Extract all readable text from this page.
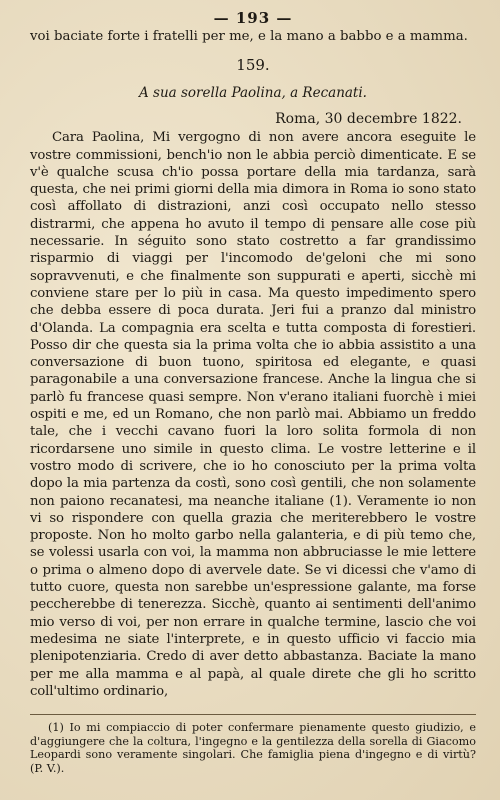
— 193 —

voi baciate forte i fratelli per me, e la mano a babbo e a mamma.

159.
A sua sorella Paolina, a Recanati.
Roma, 30 decembre 1822.

Cara Paolina, Mi vergogno di non avere ancora eseguite le vostre commissioni, bench'io non le abbia perciò dimenticate. E se v'è qualche scusa ch'io possa portare della mia tardanza, sarà questa, che nei primi giorni della mia dimora in Roma io sono stato così affollato di distrazioni, anzi così occupato nello stesso distrarmi, che appena ho avuto il tempo di pensare alle cose più necessarie. In séguito sono stato costretto a far grandissimo risparmio di viaggi per l'incomodo de'geloni che mi sono sopravvenuti, e che finalmente son suppurati e aperti, sicchè mi conviene stare per lo più in casa. Ma questo impedimento spero che debba essere di poca durata. Jeri fui a pranzo dal ministro d'Olanda. La compagnia era scelta e tutta composta di forestieri. Posso dir che questa sia la prima volta che io abbia assistito a una conversazione di buon tuono, spiritosa ed elegante, e quasi paragonabile a una conversazione francese. Anche la lingua che si parlò fu francese quasi sempre. Non v'erano italiani fuorchè i miei ospiti e me, ed un Romano, che non parlò mai. Abbiamo un freddo tale, che i vecchi cavano fuori la loro solita formola di non ricordarsene uno simile in questo clima. Le vostre letterine e il vostro modo di scrivere, che io ho conosciuto per la prima volta dopo la mia partenza da costì, sono così gentili, che non solamente non paiono recanatesi, ma neanche italiane (1). Veramente io non vi so rispondere con quella grazia che meriterebbero le vostre proposte. Non ho molto garbo nella galanteria, e di più temo che, se volessi usarla con voi, la mamma non abbruciasse le mie lettere o prima o almeno dopo di avervele date. Se vi dicessi che v'amo di tutto cuore, questa non sarebbe un'espressione galante, ma forse peccherebbe di tenerezza. Sicchè, quanto ai sentimenti dell'animo mio verso di voi, per non errare in qualche termine, lascio che voi medesima ne siate l'interprete, e in questo ufficio vi faccio mia plenipotenziaria. Credo di aver detto abbastanza. Baciate la mano per me alla mamma e al papà, al quale direte che gli ho scritto coll'ultimo ordinario,

(1) Io mi compiaccio di poter confermare pienamente questo giudizio, e d'aggiungere che la coltura, l'ingegno e la gentilezza della sorella di Giacomo Leopardi sono veramente singolari. Che famiglia piena d'ingegno e di virtù? (P. V.).
